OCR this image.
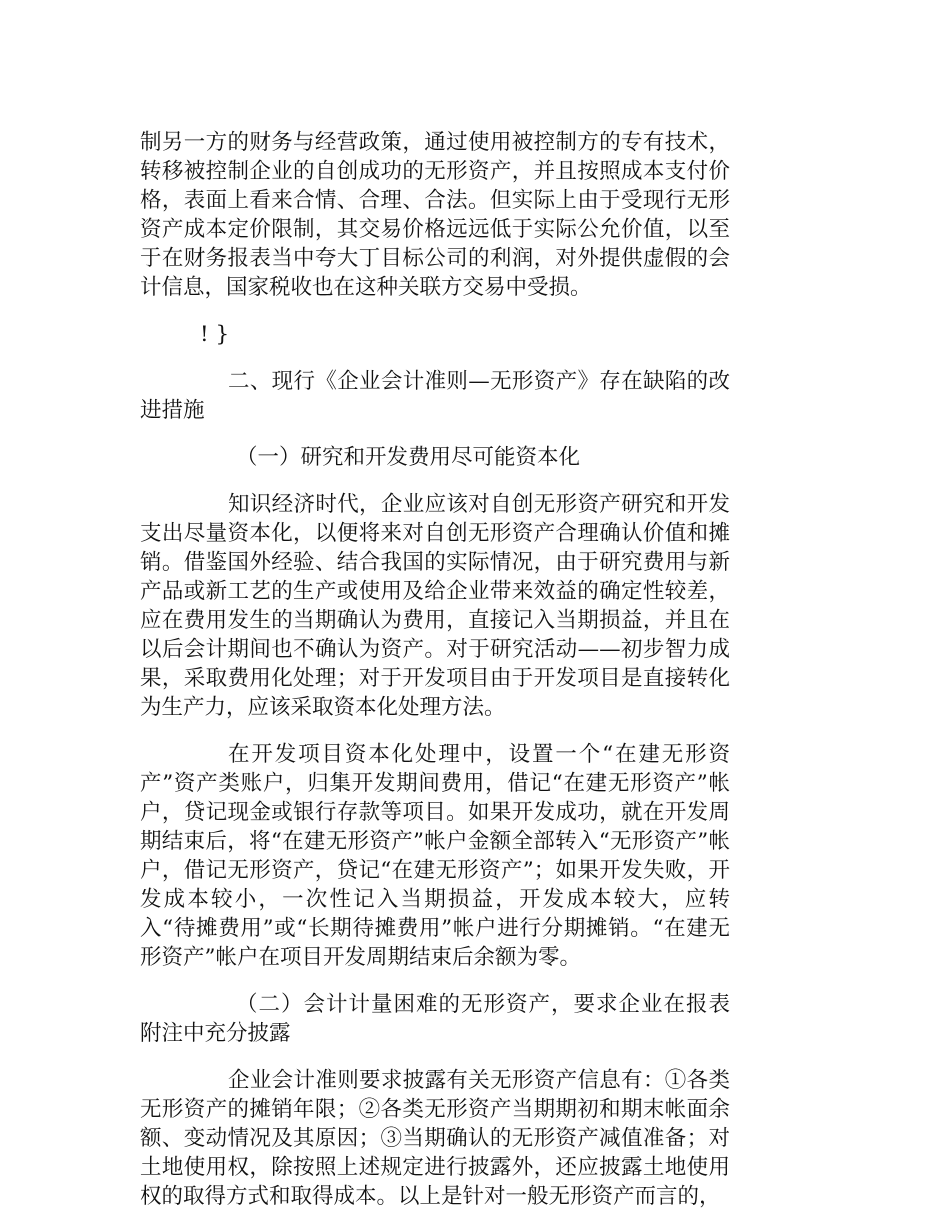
制另一方的财务与经营政策，通过使用被控制方的专有技术，转移被控制企业的自创成功的无形资产，并且按照成本支付价格，表面上看来合情、合理、合法。但实际上由于受现行无形资产成本定价限制，其交易价格远远低于实际公允价值，以至于在财务报表当中夸大丁目标公司的利润，对外提供虚假的会计信息，国家税收也在这种关联方交易中受损。

! }

二、现行《企业会计准则—无形资产》存在缺陷的改进措施

（一）研究和开发费用尽可能资本化

知识经济时代，企业应该对自创无形资产研究和开发支出尽量资本化，以便将来对自创无形资产合理确认价值和摊销。借鉴国外经验、结合我国的实际情况，由于研究费用与新产品或新工艺的生产或使用及给企业带来效益的确定性较差，应在费用发生的当期确认为费用，直接记入当期损益，并且在以后会计期间也不确认为资产。对于研究活动——初步智力成果，采取费用化处理；对于开发项目由于开发项目是直接转化为生产力，应该采取资本化处理方法。

在开发项目资本化处理中，设置一个“在建无形资产”资产类账户，归集开发期间费用，借记“在建无形资产”帐户，贷记现金或银行存款等项目。如果开发成功，就在开发周期结束后，将“在建无形资产”帐户金额全部转入“无形资产”帐户，借记无形资产，贷记“在建无形资产”；如果开发失败，开发成本较小，一次性记入当期损益，开发成本较大，应转入“待摊费用”或“长期待摊费用”帐户进行分期摊销。“在建无形资产”帐户在项目开发周期结束后余额为零。

（二）会计计量困难的无形资产，要求企业在报表附注中充分披露

企业会计准则要求披露有关无形资产信息有：①各类无形资产的摊销年限；②各类无形资产当期期初和期末帐面余额、变动情况及其原因；③当期确认的无形资产减值准备；对土地使用权，除按照上述规定进行披露外，还应披露土地使用权的取得方式和取得成本。以上是针对一般无形资产而言的，
